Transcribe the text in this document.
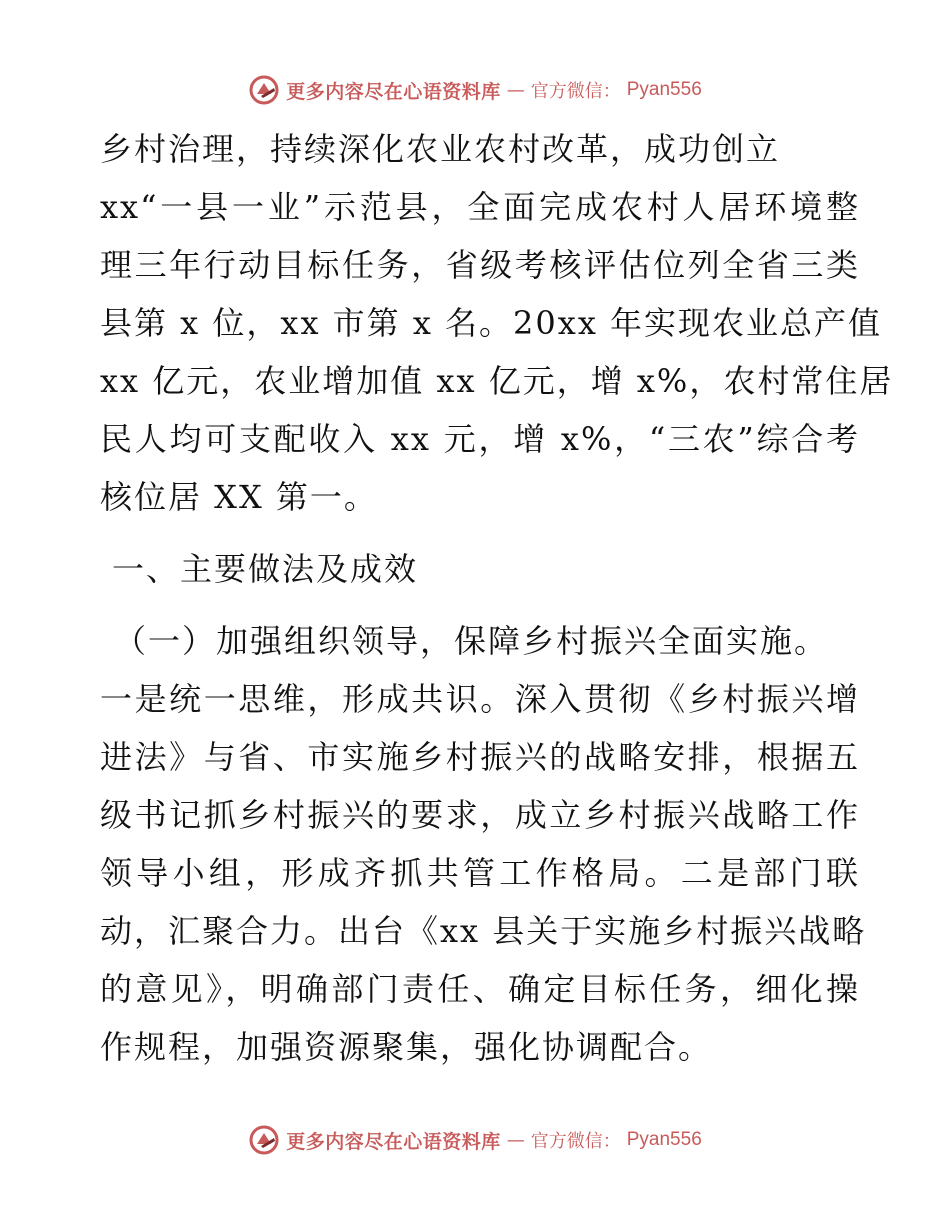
更多内容尽在心语资料库 — 官方微信： Pyan556
乡村治理，持续深化农业农村改革，成功创立
xx“一县一业”示范县，全面完成农村人居环境整
理三年行动目标任务，省级考核评估位列全省三类
县第 x 位，xx 市第 x 名。20xx 年实现农业总产值
xx 亿元，农业增加值 xx 亿元，增 x%，农村常住居
民人均可支配收入 xx 元，增 x%，“三农”综合考
核位居 XX 第一。
一、主要做法及成效
（一）加强组织领导，保障乡村振兴全面实施。
一是统一思维，形成共识。深入贯彻《乡村振兴增
进法》与省、市实施乡村振兴的战略安排，根据五
级书记抓乡村振兴的要求，成立乡村振兴战略工作
领导小组，形成齐抓共管工作格局。二是部门联
动，汇聚合力。出台《xx 县关于实施乡村振兴战略
的意见》，明确部门责任、确定目标任务，细化操
作规程，加强资源聚集，强化协调配合。
更多内容尽在心语资料库 — 官方微信： Pyan556
